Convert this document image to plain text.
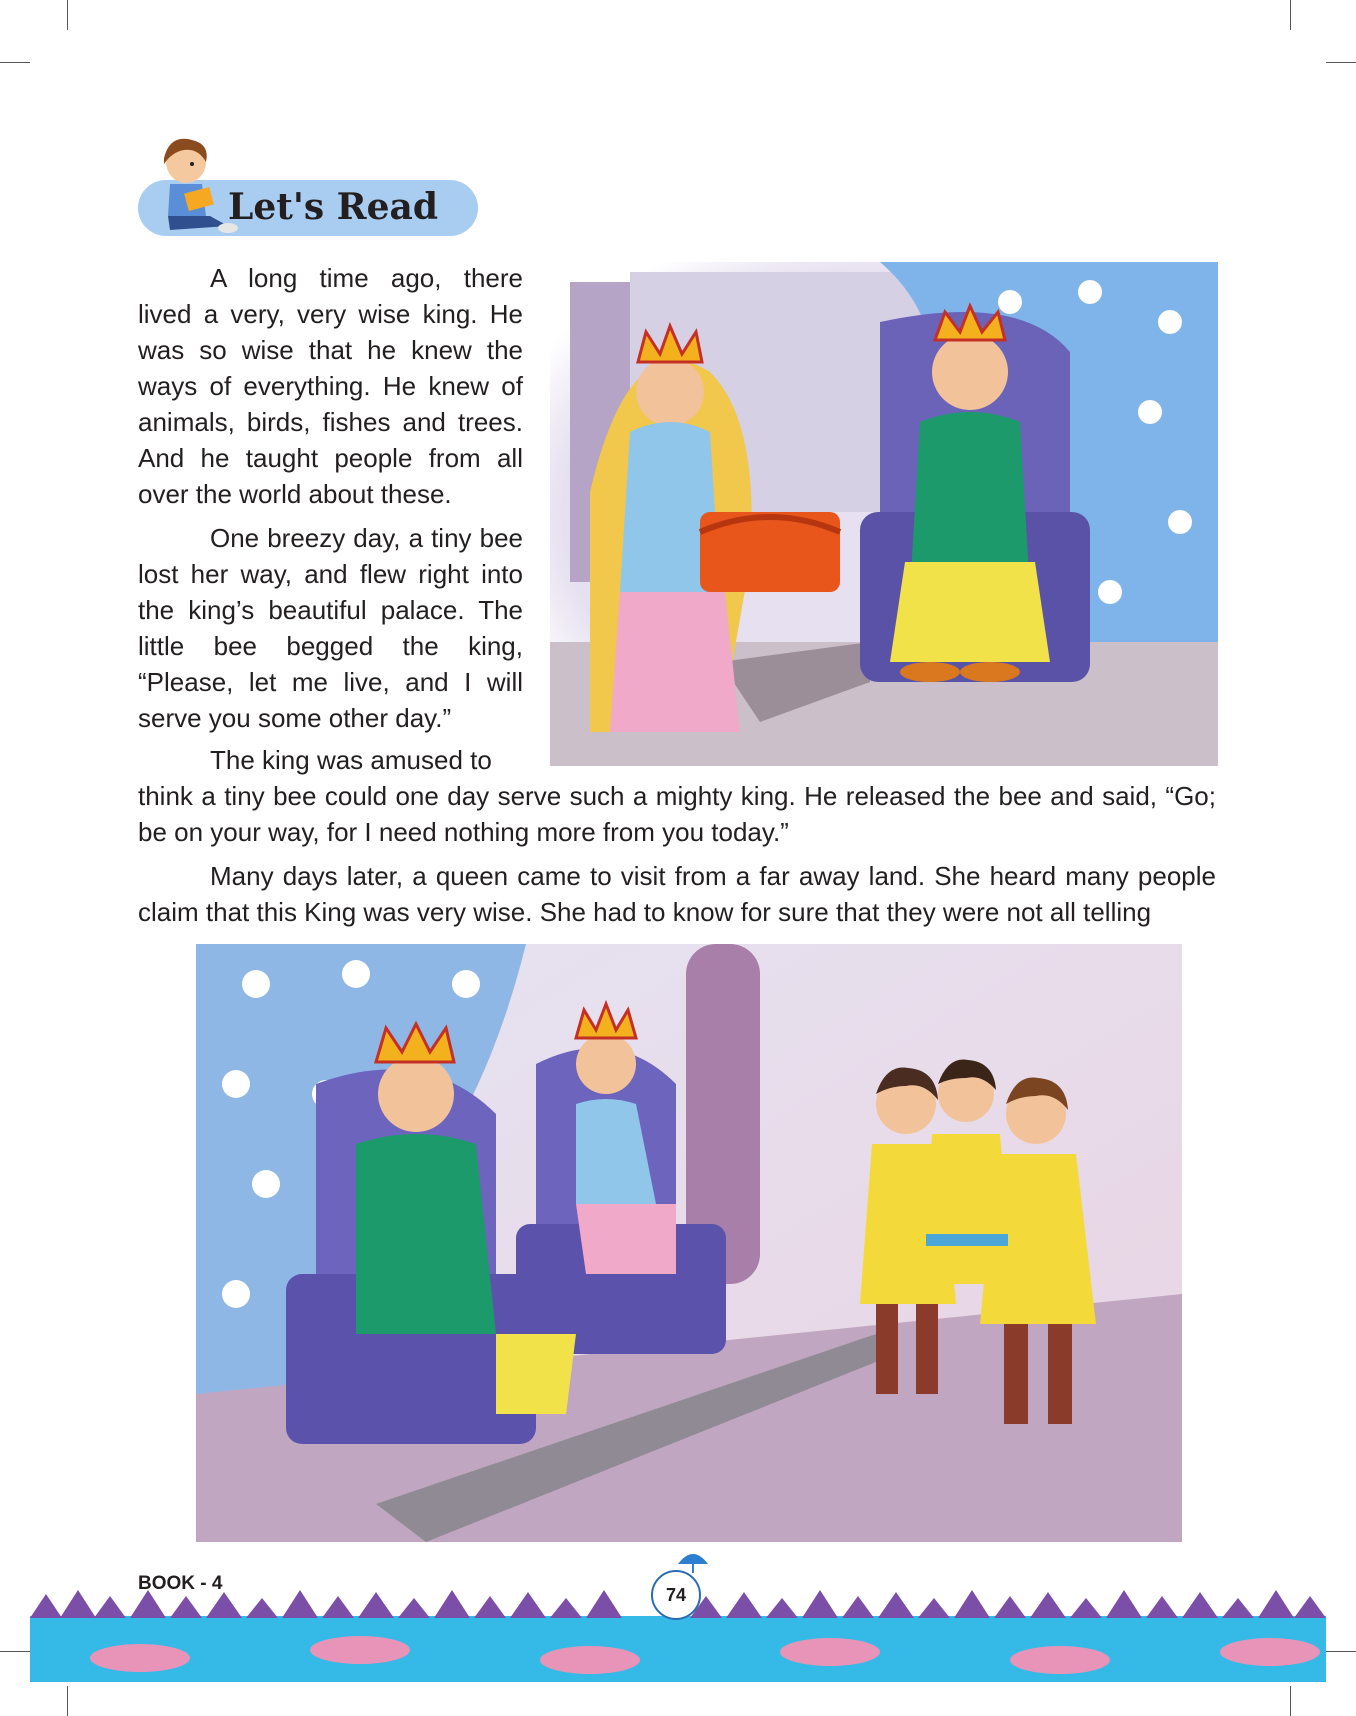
Let's Read

A long time ago, there lived a very, very wise king. He was so wise that he knew the ways of everything. He knew of animals, birds, fishes and trees. And he taught people from all over the world about these.

One breezy day, a tiny bee lost her way, and flew right into the king’s beautiful palace. The little bee begged the king, “Please, let me live, and I will serve you some other day.”

The king was amused to

think a tiny bee could one day serve such a mighty king. He released the bee and said, “Go; be on your way, for I need nothing more from you today.”

Many days later, a queen came to visit from a far away land. She heard many people claim that this King was very wise. She had to know for sure that they were not all telling

BOOK - 4
74
